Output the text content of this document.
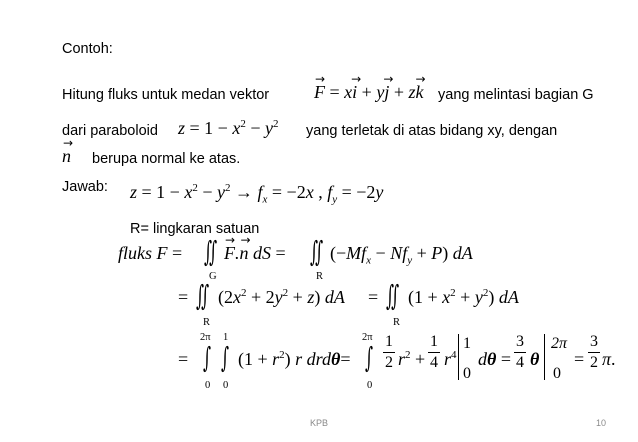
Contoh:
Hitung fluks untuk medan vektor F
→
= xi
→
+ yj
→
+ zk
→
yang melintasi bagian G
dari paraboloid $z = 1 - x^2 - y^2$ yang terletak di atas bidang xy, dengan
n
→
berupa normal ke atas.
Jawab: $z = 1 - x^2 - y^2 \to f_x = -2x$ , $f_y = -2y$
R= lingkaran satuan
fluks F = ∬
G
F
→
.n
→
dS = ∬
R
$(-Mf_x - Nf_y + P)$ dA
= ∬
R
$(2x^2 + 2y^2 + z)$ dA = ∬
R
$(1 + x^2 + y^2)$ dA
=
2π
∫
0
1
∫
0
$(1 + r^2)$ r drdθ=
2π
∫
0
1
2 $r^2$ +
1
4 $r^4$
1
0
dθ =
3
4 θ
2π
0
=
3
2 π.
KPB	10
